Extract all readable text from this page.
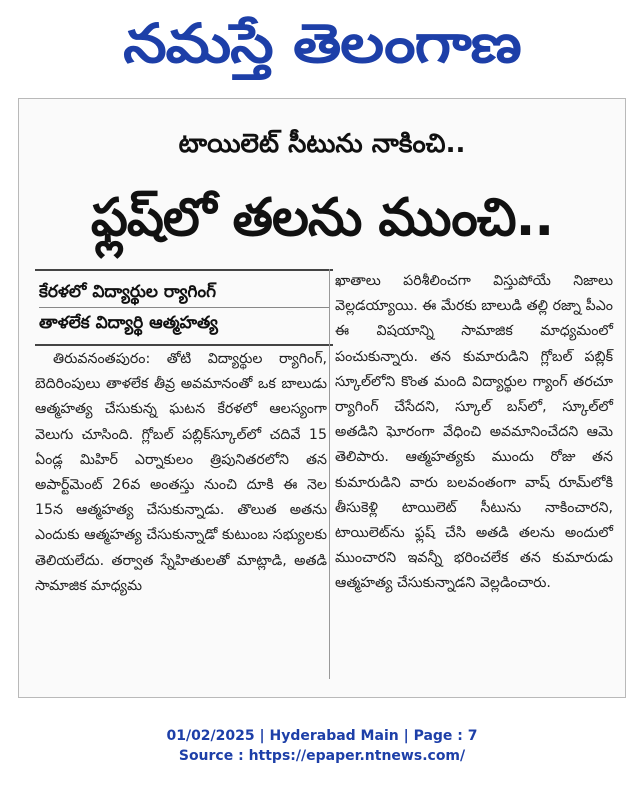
నమస్తే తెలంగాణ
టాయిలెట్ సీటును నాకించి..
ఫ్లష్‌లో తలను ముంచి..
కేరళలో విద్యార్థుల ర్యాగింగ్
తాళలేక విద్యార్థి ఆత్మహత్య

తిరువనంతపురం: తోటి విద్యార్థుల ర్యాగింగ్, బెదిరింపులు తాళలేక తీవ్ర అవమానంతో ఒక బాలుడు ఆత్మహత్య చేసుకున్న ఘటన కేరళలో ఆలస్యంగా వెలుగు చూసింది. గ్లోబల్ పబ్లిక్‌స్కూల్‌లో చదివే 15 ఏండ్ల మిహిర్ ఎర్నాకులం త్రిపునితరలోని తన అపార్ట్‌మెంట్ 26వ అంతస్తు నుంచి దూకి ఈ నెల 15న ఆత్మహత్య చేసుకున్నాడు. తొలుత అతను ఎందుకు ఆత్మహత్య చేసుకున్నాడో కుటుంబ సభ్యులకు తెలియలేదు. తర్వాత స్నేహితులతో మాట్లాడి, అతడి సామాజిక మాధ్యమ

ఖాతాలు పరిశీలించగా విస్తుపోయే నిజాలు వెల్లడయ్యాయి. ఈ మేరకు బాలుడి తల్లి రజ్నా పీఎం ఈ విషయాన్ని సామాజిక మాధ్యమంలో పంచుకున్నారు. తన కుమారుడిని గ్లోబల్ పబ్లిక్ స్కూల్‌లోని కొంత మంది విద్యార్థుల గ్యాంగ్ తరచూ ర్యాగింగ్ చేసేదని, స్కూల్ బస్‌లో, స్కూల్‌లో అతడిని ఘోరంగా వేధించి అవమానించేదని ఆమె తెలిపారు. ఆత్మహత్యకు ముందు రోజు తన కుమారుడిని వారు బలవంతంగా వాష్ రూమ్‌లోకి తీసుకెళ్లి టాయిలెట్ సీటును నాకించారని, టాయిలెట్‌ను ఫ్లష్ చేసి అతడి తలను అందులో ముంచారని ఇవన్నీ భరించలేక తన కుమారుడు ఆత్మహత్య చేసుకున్నాడని వెల్లడించారు.

01/02/2025 | Hyderabad Main | Page : 7
Source : https://epaper.ntnews.com/
